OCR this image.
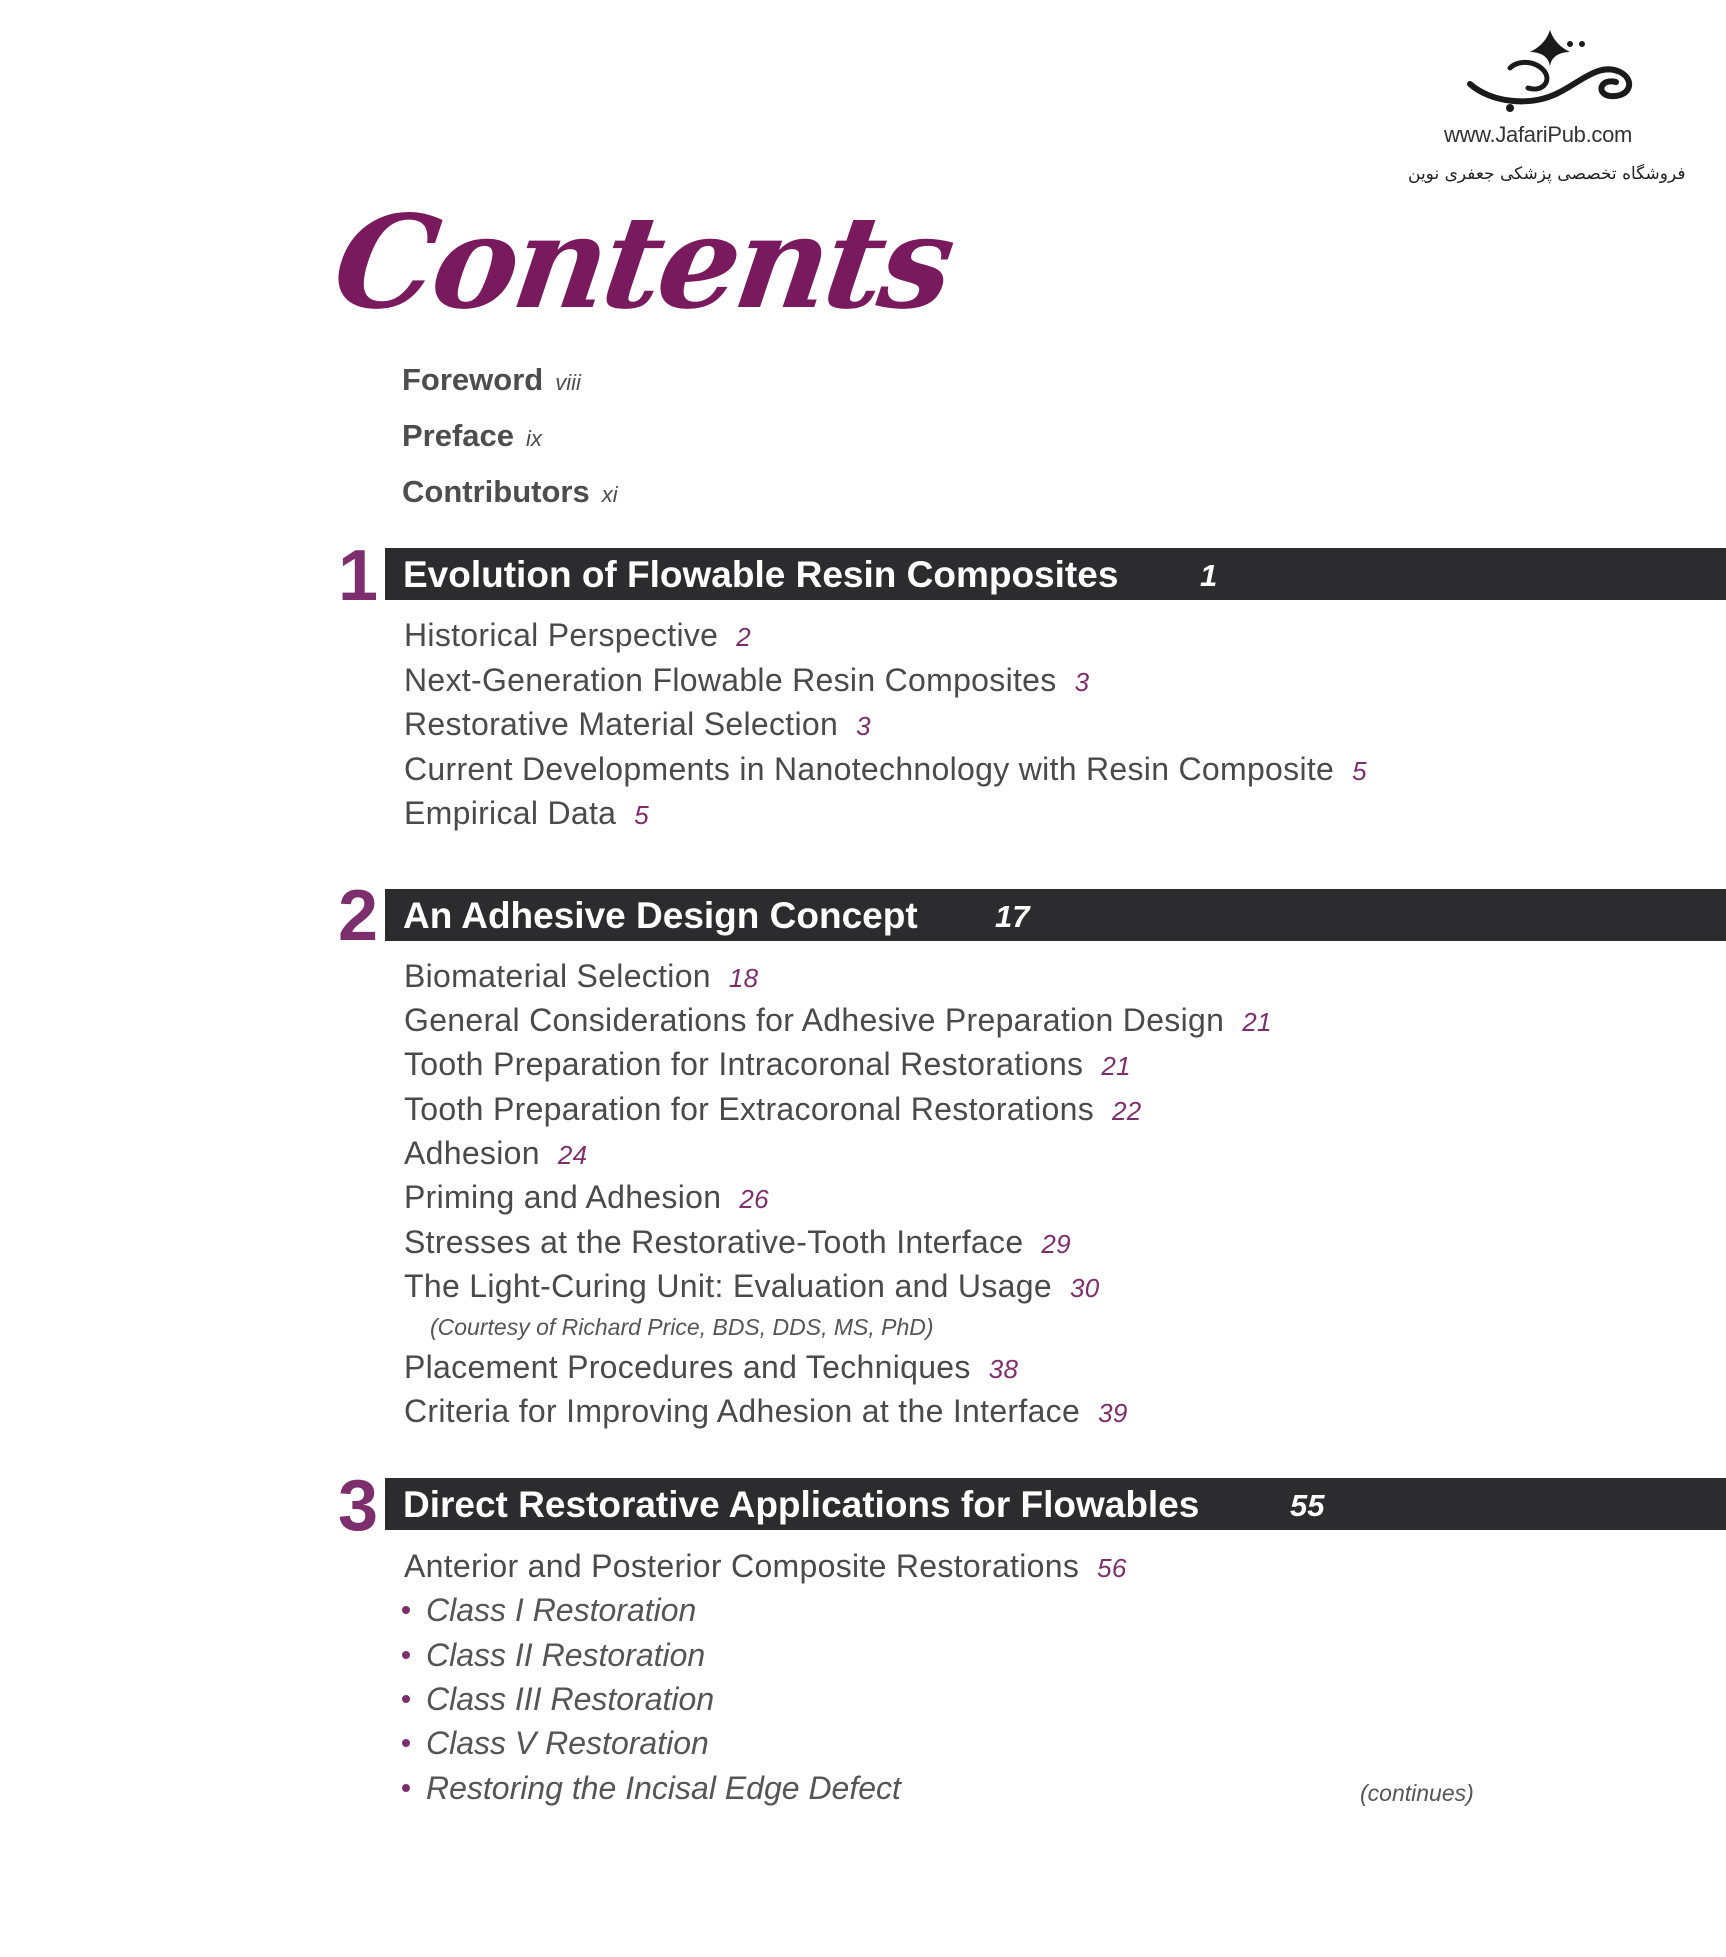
www.JafariPub.com
فروشگاه تخصصی پزشکی جعفری نوین
Contents
Foreword viii
Preface ix
Contributors xi
1 Evolution of Flowable Resin Composites	1
Historical Perspective 2
Next-Generation Flowable Resin Composites 3
Restorative Material Selection 3
Current Developments in Nanotechnology with Resin Composite 5
Empirical Data 5
2 An Adhesive Design Concept 17
Biomaterial Selection 18
General Considerations for Adhesive Preparation Design 21
Tooth Preparation for Intracoronal Restorations 21
Tooth Preparation for Extracoronal Restorations 22
Adhesion 24
Priming and Adhesion 26
Stresses at the Restorative-Tooth Interface 29
The Light-Curing Unit: Evaluation and Usage 30
(Courtesy of Richard Price, BDS, DDS, MS, PhD)
Placement Procedures and Techniques 38
Criteria for Improving Adhesion at the Interface 39
3 Direct Restorative Applications for Flowables	55
Anterior and Posterior Composite Restorations 56
Class I Restoration
Class II Restoration
Class III Restoration
Class V Restoration
Restoring the Incisal Edge Defect	(continues)
